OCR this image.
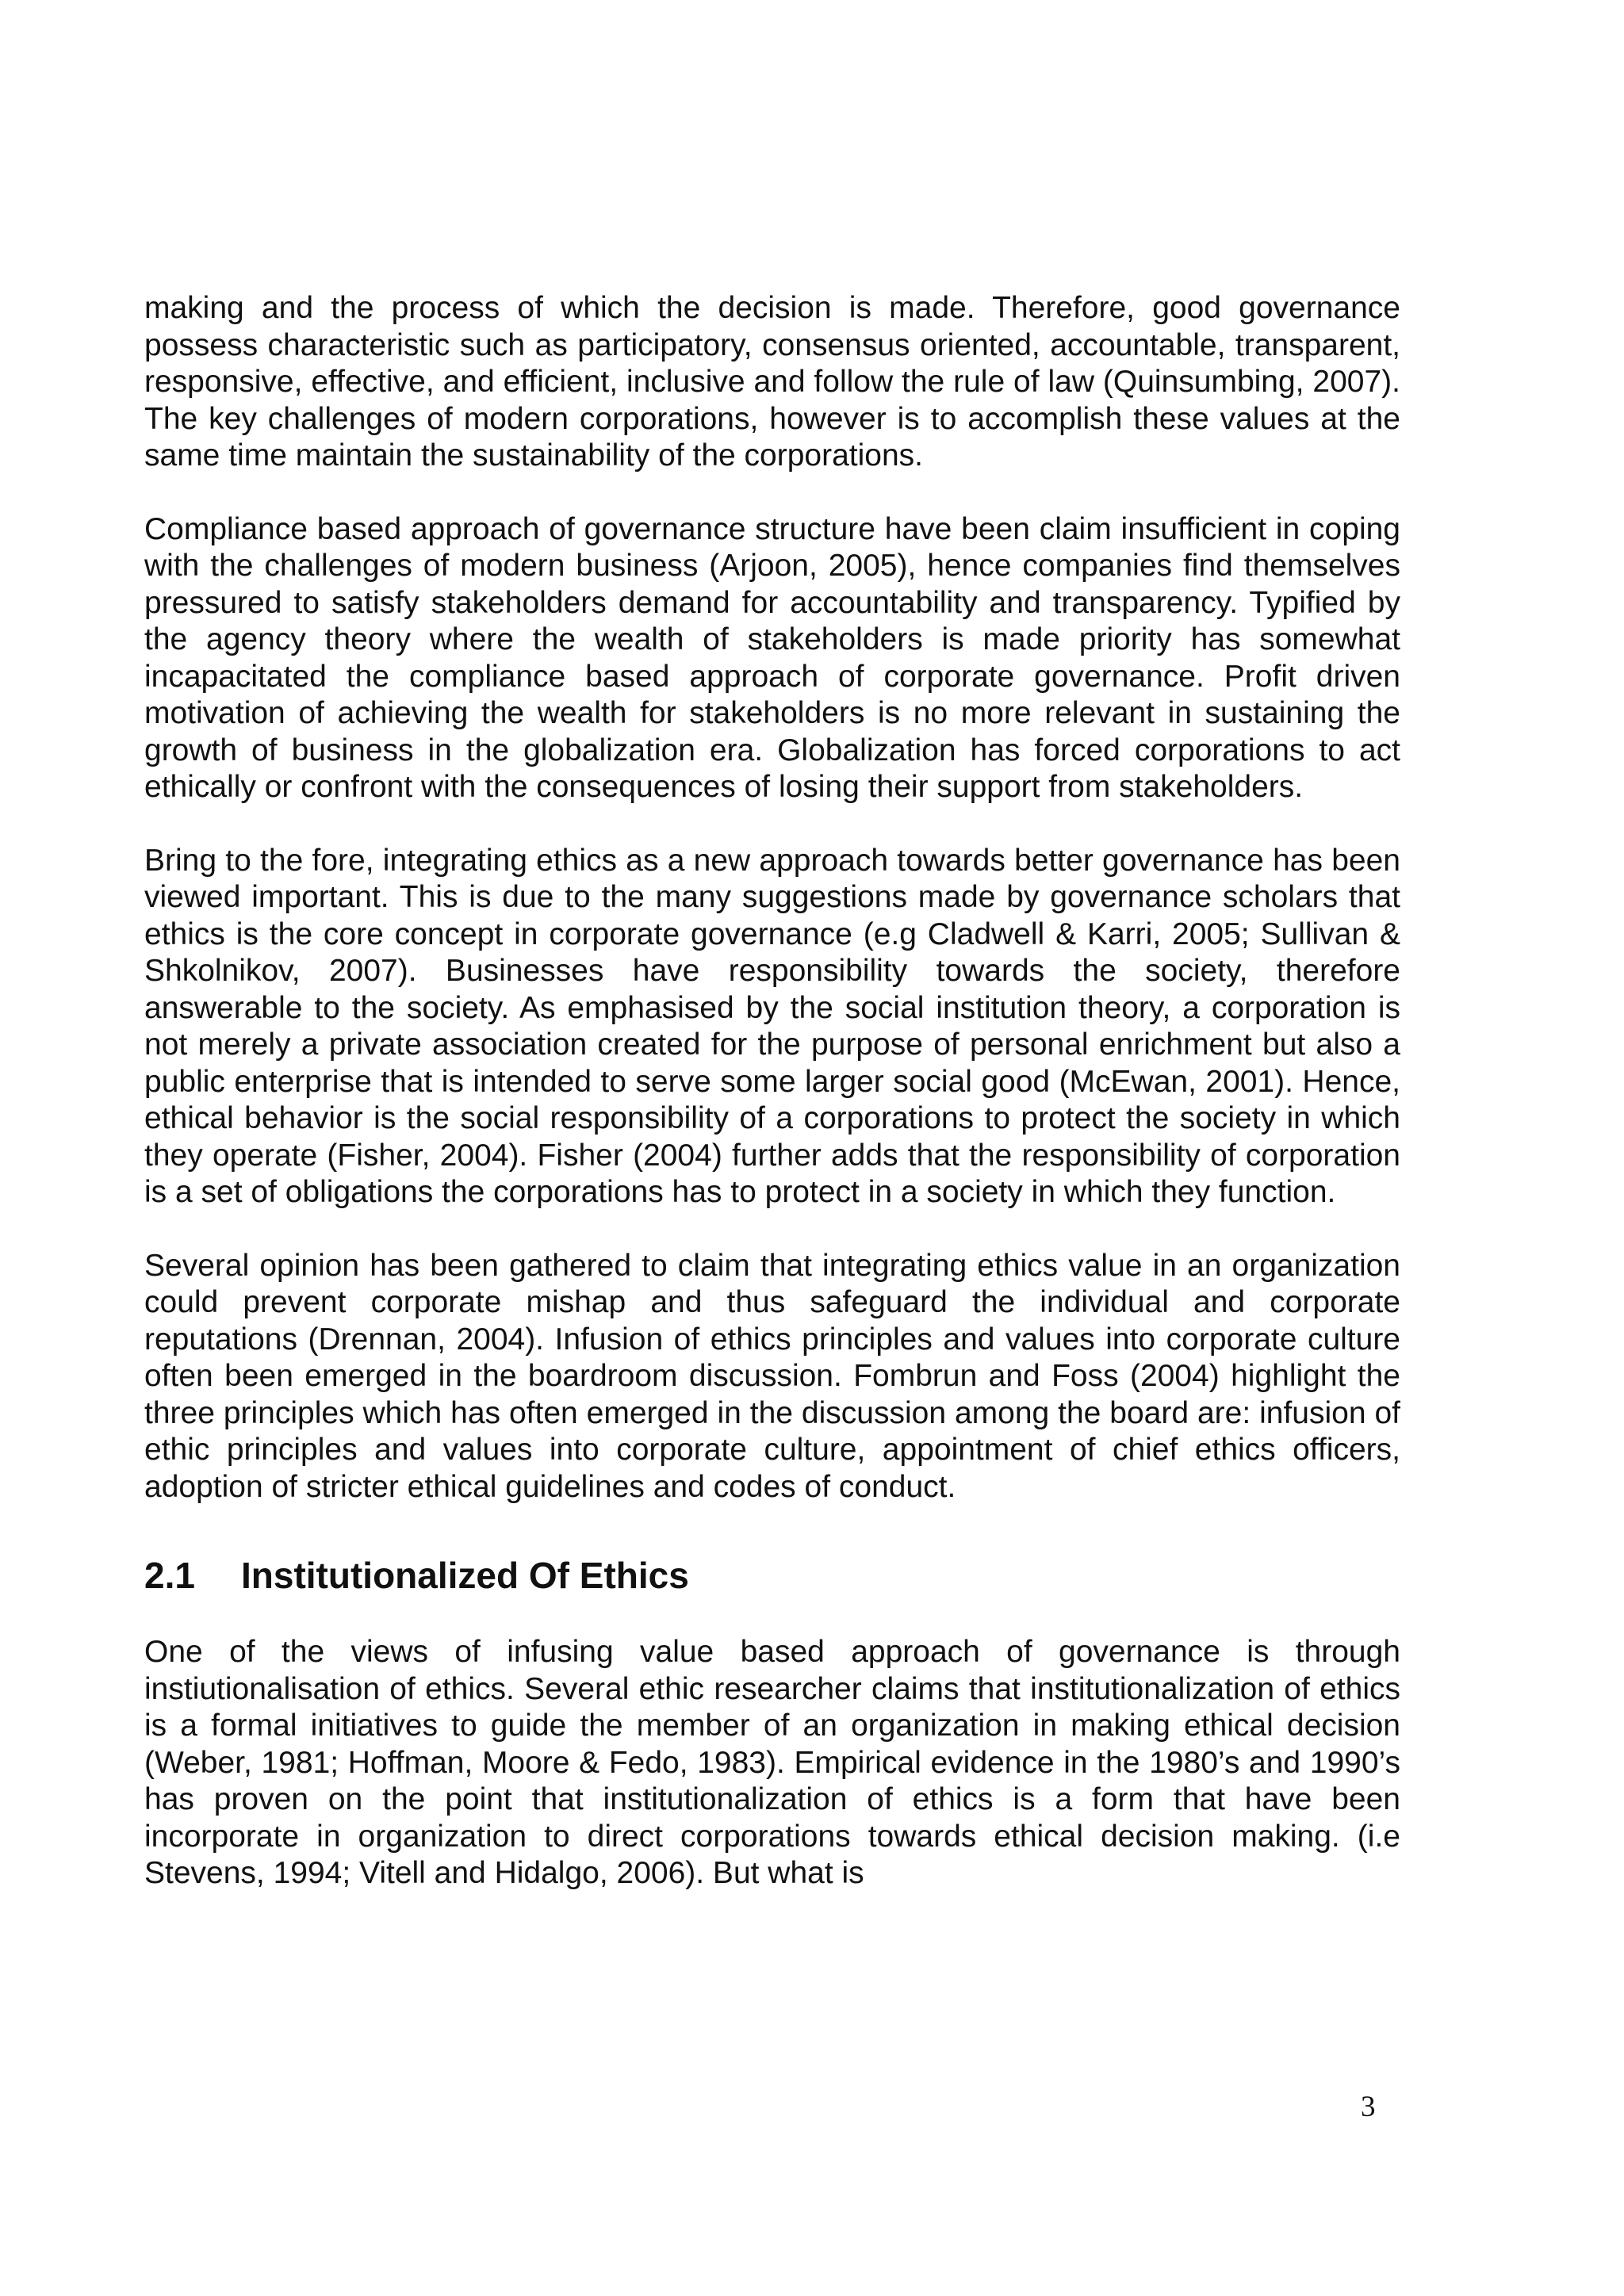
making and the process of which the decision is made. Therefore, good governance possess characteristic such as participatory, consensus oriented, accountable, transparent, responsive, effective, and efficient, inclusive and follow the rule of law (Quinsumbing, 2007). The key challenges of modern corporations, however is to accomplish these values at the same time maintain the sustainability of the corporations.

Compliance based approach of governance structure have been claim insufficient in coping with the challenges of modern business (Arjoon, 2005), hence companies find themselves pressured to satisfy stakeholders demand for accountability and transparency. Typified by the agency theory where the wealth of stakeholders is made priority has somewhat incapacitated the compliance based approach of corporate governance. Profit driven motivation of achieving the wealth for stakeholders is no more relevant in sustaining the growth of business in the globalization era. Globalization has forced corporations to act ethically or confront with the consequences of losing their support from stakeholders.

Bring to the fore, integrating ethics as a new approach towards better governance has been viewed important. This is due to the many suggestions made by governance scholars that ethics is the core concept in corporate governance (e.g Cladwell & Karri, 2005; Sullivan & Shkolnikov, 2007). Businesses have responsibility towards the society, therefore answerable to the society. As emphasised by the social institution theory, a corporation is not merely a private association created for the purpose of personal enrichment but also a public enterprise that is intended to serve some larger social good (McEwan, 2001). Hence, ethical behavior is the social responsibility of a corporations to protect the society in which they operate (Fisher, 2004). Fisher (2004) further adds that the responsibility of corporation is a set of obligations the corporations has to protect in a society in which they function.

Several opinion has been gathered to claim that integrating ethics value in an organization could prevent corporate mishap and thus safeguard the individual and corporate reputations (Drennan, 2004). Infusion of ethics principles and values into corporate culture often been emerged in the boardroom discussion. Fombrun and Foss (2004) highlight the three principles which has often emerged in the discussion among the board are: infusion of ethic principles and values into corporate culture, appointment of chief ethics officers, adoption of stricter ethical guidelines and codes of conduct.

2.1	Institutionalized Of Ethics

One of the views of infusing value based approach of governance is through instiutionalisation of ethics. Several ethic researcher claims that institutionalization of ethics is a formal initiatives to guide the member of an organization in making ethical decision (Weber, 1981; Hoffman, Moore & Fedo, 1983). Empirical evidence in the 1980’s and 1990’s has proven on the point that institutionalization of ethics is a form that have been incorporate in organization to direct corporations towards ethical decision making. (i.e Stevens, 1994; Vitell and Hidalgo, 2006). But what is

3
